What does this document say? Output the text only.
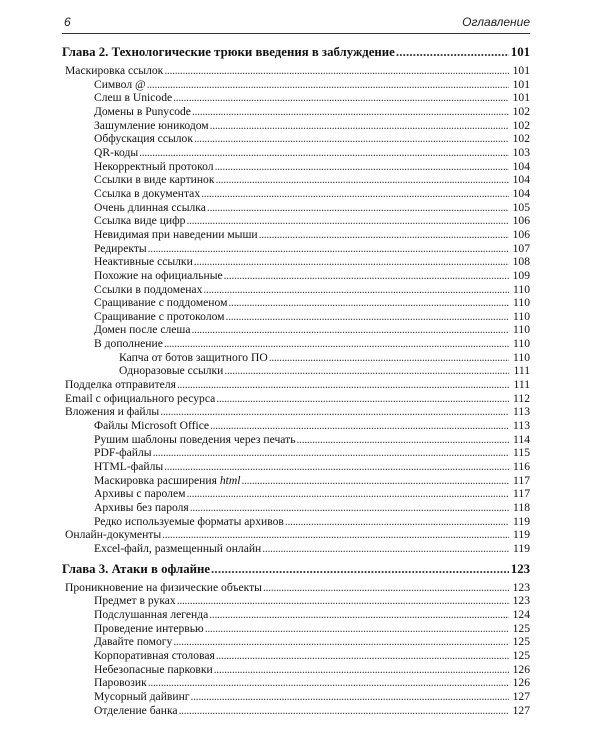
6	Оглавление
Глава 2. Технологические трюки введения в заблуждение .....	101
Маскировка ссылок . . .	101
Символ @ . . .	101
Слеш в Unicode . . .	101
Домены в Punycode . . .	102
Зашумление юникодом . . .	102
Обфускация ссылок . . .	102
QR-коды . . .	103
Некорректный протокол . . .	104
Ссылки в виде картинок . . .	104
Ссылка в документах . . .	104
Очень длинная ссылка . . .	105
Ссылка виде цифр . . .	106
Невидимая при наведении мыши . . .	106
Редиректы . . .	107
Неактивные ссылки . . .	108
Похожие на официальные . . .	109
Ссылки в поддоменах . . .	110
Сращивание с поддоменом . . .	110
Сращивание с протоколом . . .	110
Домен после слеша . . .	110
В дополнение . . .	110
Капча от ботов защитного ПО . . .	110
Одноразовые ссылки . . .	111
Подделка отправителя . . .	111
Email с официального ресурса . . .	112
Вложения и файлы . . .	113
Файлы Microsoft Office . . .	113
Рушим шаблоны поведения через печать . . .	114
PDF-файлы . . .	115
HTML-файлы . . .	116
Маскировка расширения html . . .	117
Архивы с паролем . . .	117
Архивы без пароля . . .	118
Редко используемые форматы архивов . . .	119
Онлайн-документы . . .	119
Excel-файл, размещенный онлайн . . .	119
Глава 3. Атаки в офлайне .....	123
Проникновение на физические объекты . . .	123
Предмет в руках . . .	123
Подслушанная легенда . . .	124
Проведение интервью . . .	125
Давайте помогу . . .	125
Корпоративная столовая . . .	125
Небезопасные парковки . . .	126
Паровозик . . .	126
Мусорный дайвинг . . .	127
Отделение банка . . .	127
